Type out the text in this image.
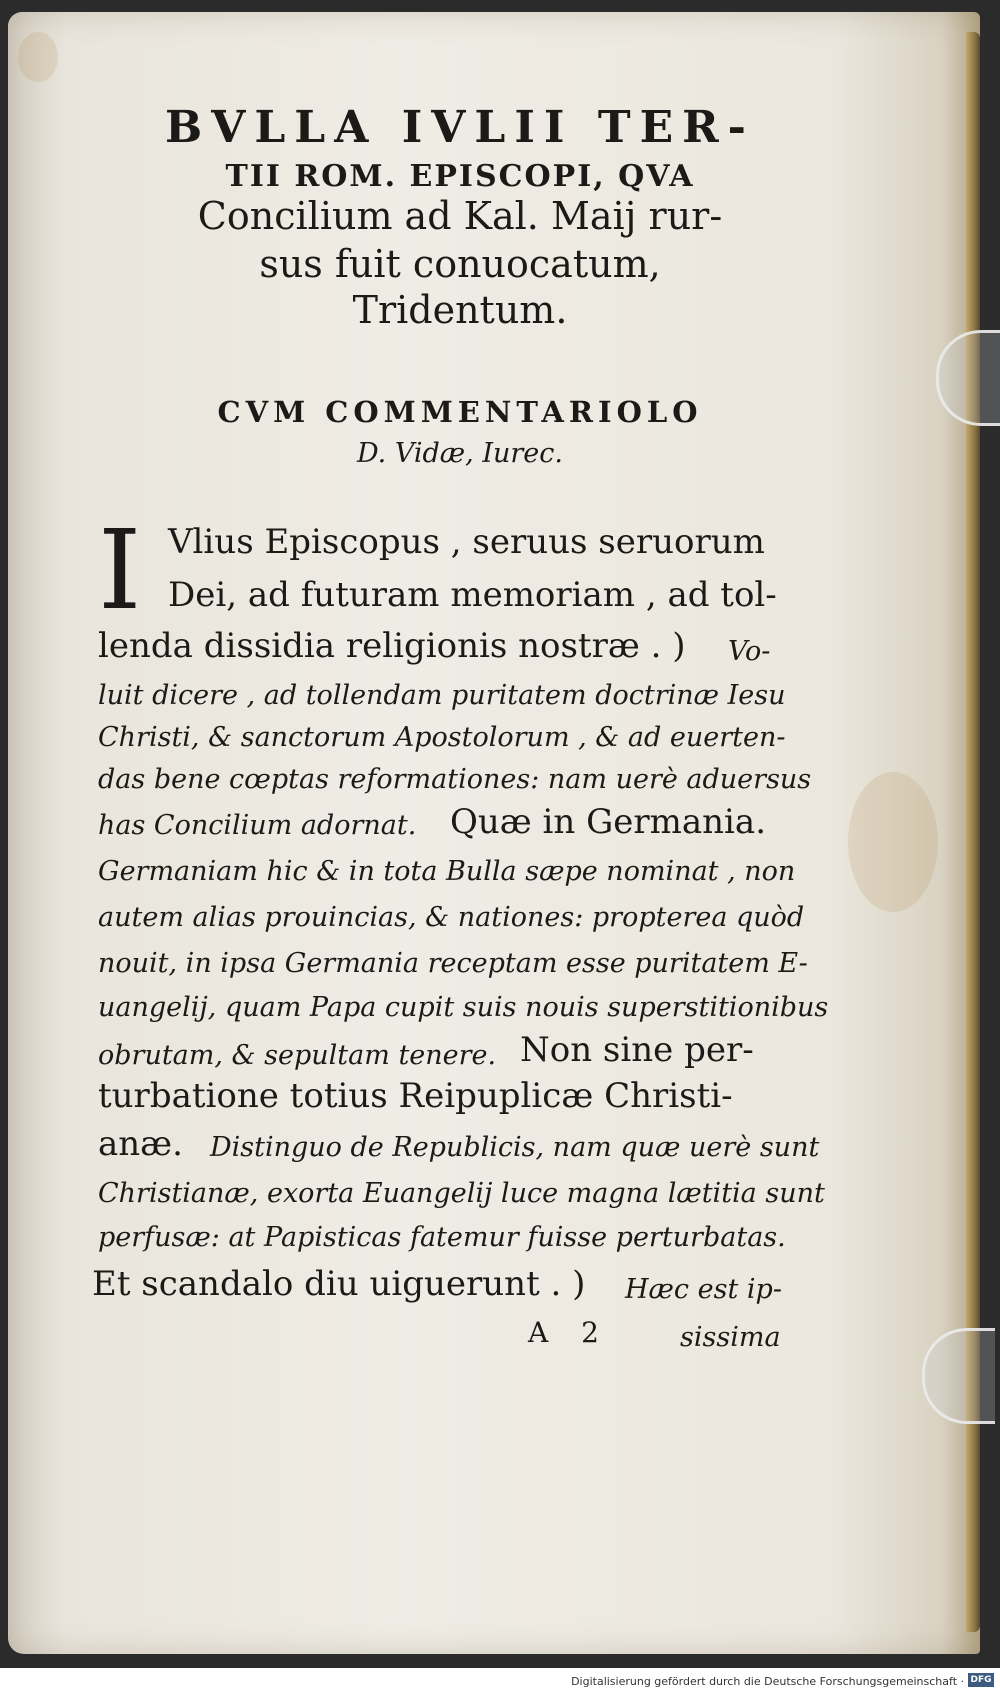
BVLLA IVLII TER-
TII ROM. EPISCOPI, QVA
Concilium ad Kal. Maij rur-
sus fuit conuocatum,
Tridentum.
CVM COMMENTARIOLO
D. Vidæ, Iurec.
I Vlius Episcopus , seruus seruorum
Dei, ad futuram memoriam , ad tol-
lenda dissidia religionis nostræ . ) Vo-
luit dicere , ad tollendam puritatem doctrinæ Iesu
Christi, & sanctorum Apostolorum , & ad euerten-
das bene cœptas reformationes: nam uerè aduersus
has Concilium adornat. Quæ in Germania.
Germaniam hic & in tota Bulla sæpe nominat , non
autem alias prouincias, & nationes: propterea quòd
nouit, in ipsa Germania receptam esse puritatem E-
uangelij, quam Papa cupit suis nouis superstitionibus
obrutam, & sepultam tenere. Non sine per-
turbatione totius Reipuplicæ Christi-
anæ. Distinguo de Republicis, nam quæ uerè sunt
Christianæ, exorta Euangelij luce magna lætitia sunt
perfusæ: at Papisticas fatemur fuisse perturbatas.
Et scandalo diu uiguerunt . ) Hæc est ip-
A 2	sissima
Digitalisierung gefördert durch die Deutsche Forschungsgemeinschaft · DFG
